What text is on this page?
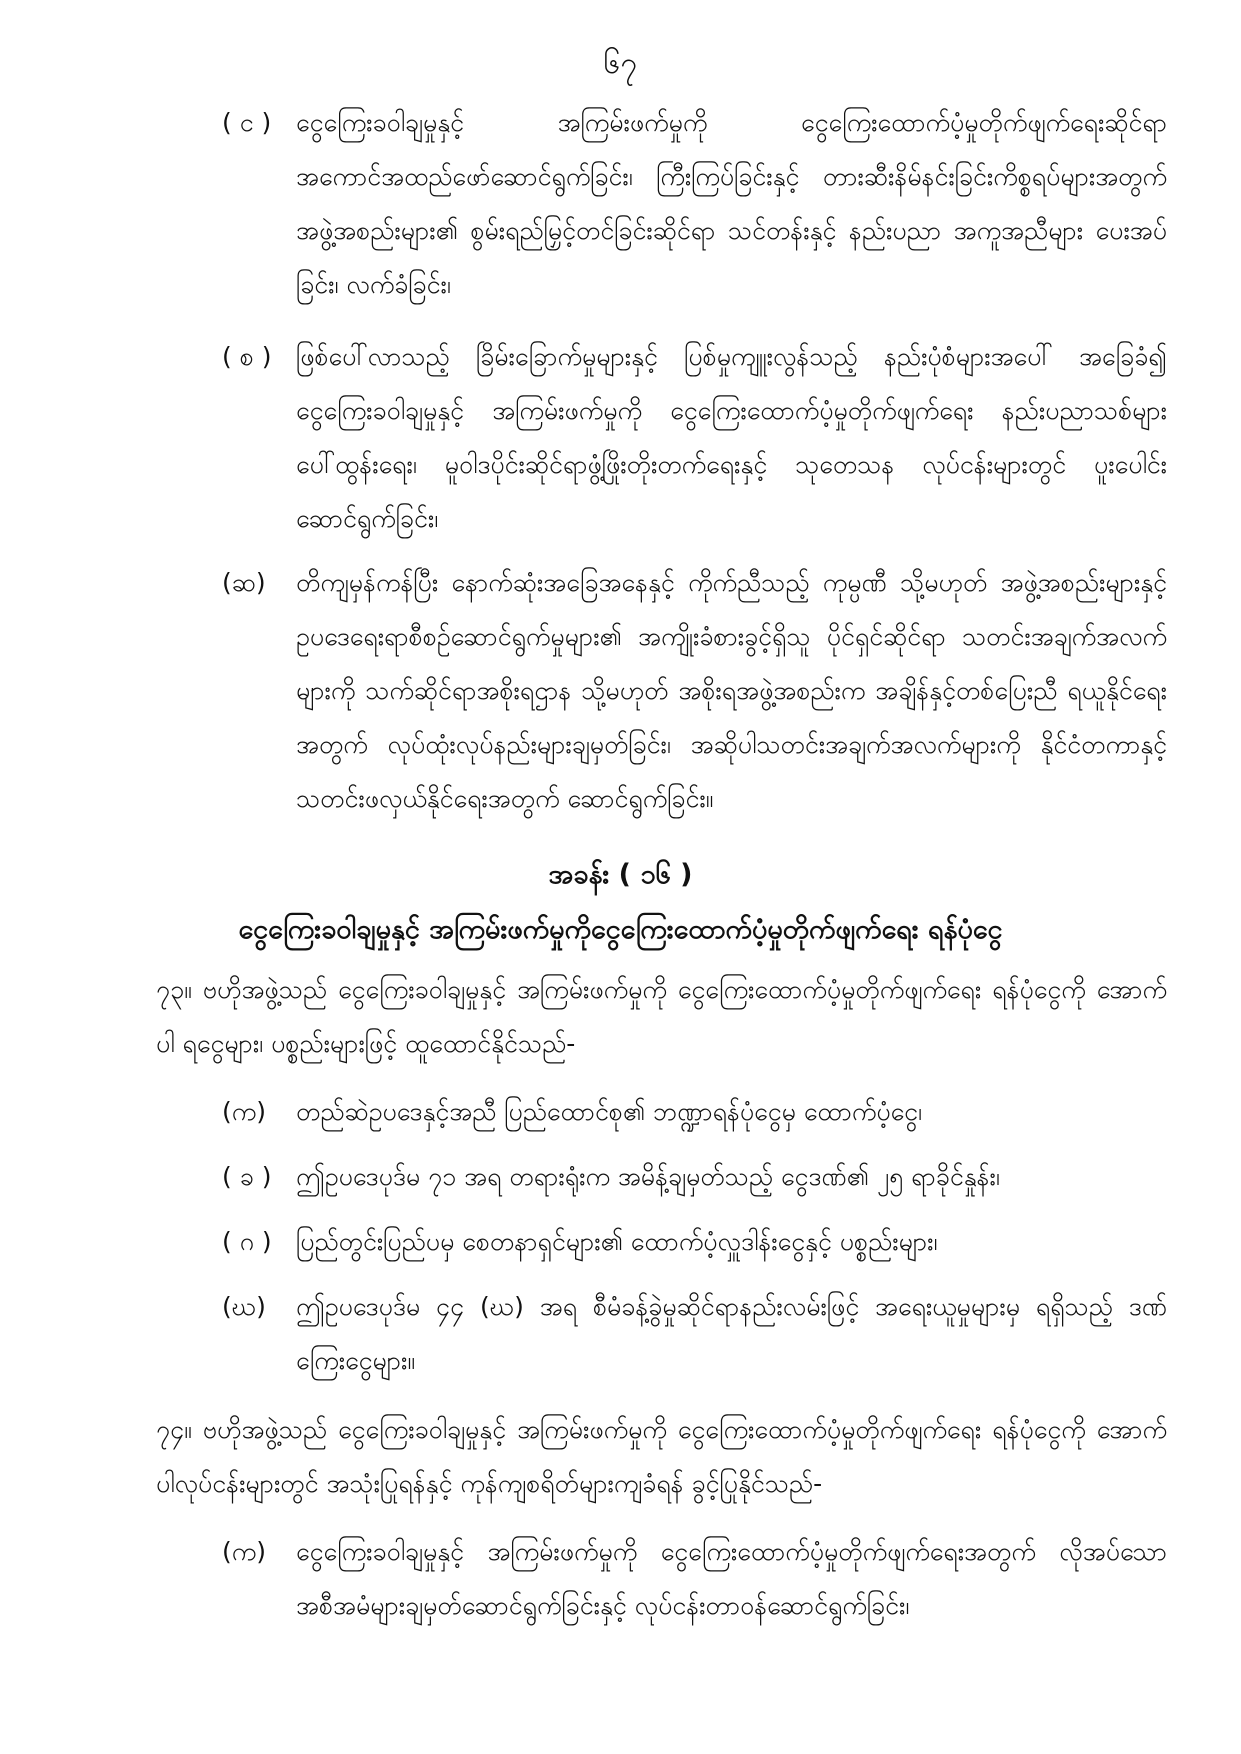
၆၇
( င ) ငွေကြေးခဝါချမှုနှင့် အကြမ်းဖက်မှုကို ငွေကြေးထောက်ပံ့မှုတိုက်ဖျက်ရေးဆိုင်ရာ အကောင်အထည်ဖော်ဆောင်ရွက်ခြင်း၊ ကြီးကြပ်ခြင်းနှင့် တားဆီးနိမ်နင်းခြင်းကိစ္စရပ်များအတွက် အဖွဲ့အစည်းများ၏ စွမ်းရည်မြှင့်တင်ခြင်းဆိုင်ရာ သင်တန်းနှင့် နည်းပညာ အကူအညီများ ပေးအပ်ခြင်း၊ လက်ခံခြင်း၊
( စ ) ဖြစ်ပေါ်လာသည့် ခြိမ်းခြောက်မှုများနှင့် ပြစ်မှုကျူးလွန်သည့် နည်းပုံစံများအပေါ် အခြေခံ၍ ငွေကြေးခဝါချမှုနှင့် အကြမ်းဖက်မှုကို ငွေကြေးထောက်ပံ့မှုတိုက်ဖျက်ရေး နည်းပညာသစ်များပေါ်ထွန်းရေး၊ မူဝါဒပိုင်းဆိုင်ရာဖွံ့ဖြိုးတိုးတက်ရေးနှင့် သုတေသန လုပ်ငန်းများတွင် ပူးပေါင်းဆောင်ရွက်ခြင်း၊
(ဆ) တိကျမှန်ကန်ပြီး နောက်ဆုံးအခြေအနေနှင့် ကိုက်ညီသည့် ကုမ္ပဏီ သို့မဟုတ် အဖွဲ့အစည်းများနှင့် ဥပဒေရေးရာစီစဉ်ဆောင်ရွက်မှုများ၏ အကျိုးခံစားခွင့်ရှိသူ ပိုင်ရှင်ဆိုင်ရာ သတင်းအချက်အလက်များကို သက်ဆိုင်ရာအစိုးရဌာန သို့မဟုတ် အစိုးရအဖွဲ့အစည်းက အချိန်နှင့်တစ်ပြေးညီ ရယူနိုင်ရေးအတွက် လုပ်ထုံးလုပ်နည်းများချမှတ်ခြင်း၊ အဆိုပါသတင်းအချက်အလက်များကို နိုင်ငံတကာနှင့် သတင်းဖလှယ်နိုင်ရေးအတွက် ဆောင်ရွက်ခြင်း။
အခန်း ( ၁၆ )
ငွေကြေးခဝါချမှုနှင့် အကြမ်းဖက်မှုကိုငွေကြေးထောက်ပံ့မှုတိုက်ဖျက်ရေး ရန်ပုံငွေ
၇၃။ ဗဟိုအဖွဲ့သည် ငွေကြေးခဝါချမှုနှင့် အကြမ်းဖက်မှုကို ငွေကြေးထောက်ပံ့မှုတိုက်ဖျက်ရေး ရန်ပုံငွေကို အောက်ပါ ရငွေများ၊ ပစ္စည်းများဖြင့် ထူထောင်နိုင်သည်-
(က) တည်ဆဲဥပဒေနှင့်အညီ ပြည်ထောင်စု၏ ဘဏ္ဍာရန်ပုံငွေမှ ထောက်ပံ့ငွေ၊
( ခ ) ဤဥပဒေပုဒ်မ ၇၁ အရ တရားရုံးက အမိန့်ချမှတ်သည့် ငွေဒဏ်၏ ၂၅ ရာခိုင်နှုန်း၊
( ဂ ) ပြည်တွင်းပြည်ပမှ စေတနာရှင်များ၏ ထောက်ပံ့လှူဒါန်းငွေနှင့် ပစ္စည်းများ၊
(ဃ) ဤဥပဒေပုဒ်မ ၄၄ (ဃ) အရ စီမံခန့်ခွဲမှုဆိုင်ရာနည်းလမ်းဖြင့် အရေးယူမှုများမှ ရရှိသည့် ဒဏ်ကြေးငွေများ။
၇၄။ ဗဟိုအဖွဲ့သည် ငွေကြေးခဝါချမှုနှင့် အကြမ်းဖက်မှုကို ငွေကြေးထောက်ပံ့မှုတိုက်ဖျက်ရေး ရန်ပုံငွေကို အောက်ပါလုပ်ငန်းများတွင် အသုံးပြုရန်နှင့် ကုန်ကျစရိတ်များကျခံရန် ခွင့်ပြုနိုင်သည်-
(က) ငွေကြေးခဝါချမှုနှင့် အကြမ်းဖက်မှုကို ငွေကြေးထောက်ပံ့မှုတိုက်ဖျက်ရေးအတွက် လိုအပ်သော အစီအမံများချမှတ်ဆောင်ရွက်ခြင်းနှင့် လုပ်ငန်းတာဝန်ဆောင်ရွက်ခြင်း၊
